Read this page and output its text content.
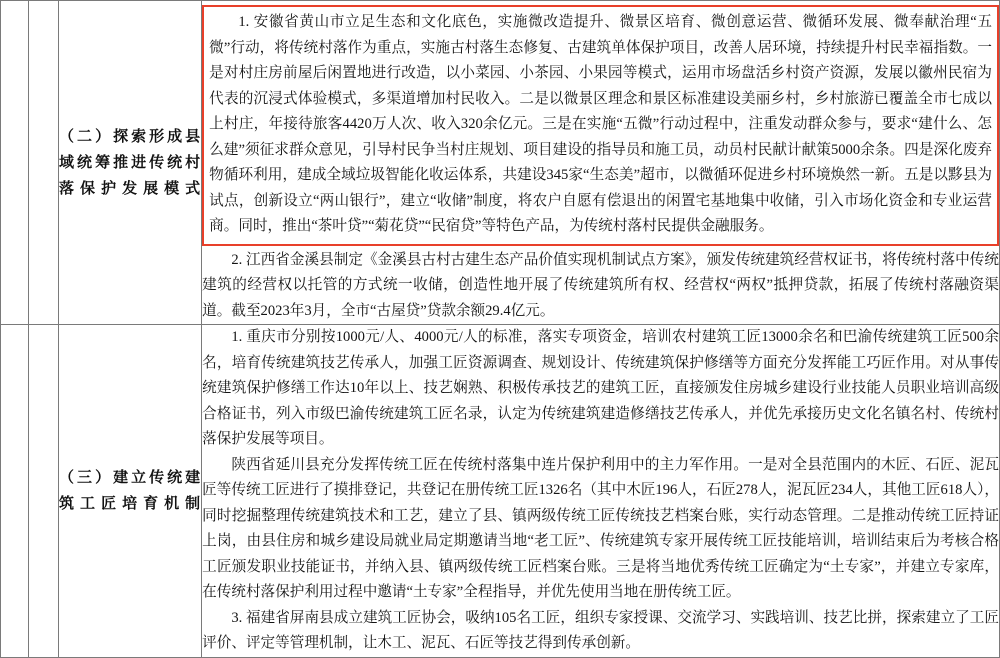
		（二）探索形成县域统筹推进传统村落保护发展模式	1. 安徽省黄山市立足生态和文化底色，实施微改造提升、微景区培育、微创意运营、微循环发展、微奉献治理“五微”行动，将传统村落作为重点，实施古村落生态修复、古建筑单体保护项目，改善人居环境，持续提升村民幸福指数。一是对村庄房前屋后闲置地进行改造，以小菜园、小茶园、小果园等模式，运用市场盘活乡村资产资源，发展以徽州民宿为代表的沉浸式体验模式，多渠道增加村民收入。二是以微景区理念和景区标准建设美丽乡村，乡村旅游已覆盖全市七成以上村庄，年接待旅客4420万人次、收入320余亿元。三是在实施“五微”行动过程中，注重发动群众参与，要求“建什么、怎么建”须征求群众意见，引导村民争当村庄规划、项目建设的指导员和施工员，动员村民献计献策5000余条。四是深化废弃物循环利用，建成全域垃圾智能化收运体系，共建设345家“生态美”超市，以微循环促进乡村环境焕然一新。五是以黟县为试点，创新设立“两山银行”，建立“收储”制度，将农户自愿有偿退出的闲置宅基地集中收储，引入市场化资金和专业运营商。同时，推出“茶叶贷”“菊花贷”“民宿贷”等特色产品，为传统村落村民提供金融服务。

2. 江西省金溪县制定《金溪县古村古建生态产品价值实现机制试点方案》，颁发传统建筑经营权证书，将传统村落中传统建筑的经营权以托管的方式统一收储，创造性地开展了传统建筑所有权、经营权“两权”抵押贷款，拓展了传统村落融资渠道。截至2023年3月，全市“古屋贷”贷款余额29.4亿元。

		（三）建立传统建筑工匠培育机制	1. 重庆市分别按1000元/人、4000元/人的标准，落实专项资金，培训农村建筑工匠13000余名和巴渝传统建筑工匠500余名，培育传统建筑技艺传承人，加强工匠资源调查、规划设计、传统建筑保护修缮等方面充分发挥能工巧匠作用。对从事传统建筑保护修缮工作达10年以上、技艺娴熟、积极传承技艺的建筑工匠，直接颁发住房城乡建设行业技能人员职业培训高级合格证书，列入市级巴渝传统建筑工匠名录，认定为传统建筑建造修缮技艺传承人，并优先承接历史文化名镇名村、传统村落保护发展等项目。

陕西省延川县充分发挥传统工匠在传统村落集中连片保护利用中的主力军作用。一是对全县范围内的木匠、石匠、泥瓦匠等传统工匠进行了摸排登记，共登记在册传统工匠1326名（其中木匠196人，石匠278人，泥瓦匠234人，其他工匠618人），同时挖掘整理传统建筑技术和工艺，建立了县、镇两级传统工匠传统技艺档案台账，实行动态管理。二是推动传统工匠持证上岗，由县住房和城乡建设局就业局定期邀请当地“老工匠”、传统建筑专家开展传统工匠技能培训，培训结束后为考核合格工匠颁发职业技能证书，并纳入县、镇两级传统工匠档案台账。三是将当地优秀传统工匠确定为“土专家”，并建立专家库，在传统村落保护利用过程中邀请“土专家”全程指导，并优先使用当地在册传统工匠。

3. 福建省屏南县成立建筑工匠协会，吸纳105名工匠，组织专家授课、交流学习、实践培训、技艺比拼，探索建立了工匠评价、评定等管理机制，让木工、泥瓦、石匠等技艺得到传承创新。
